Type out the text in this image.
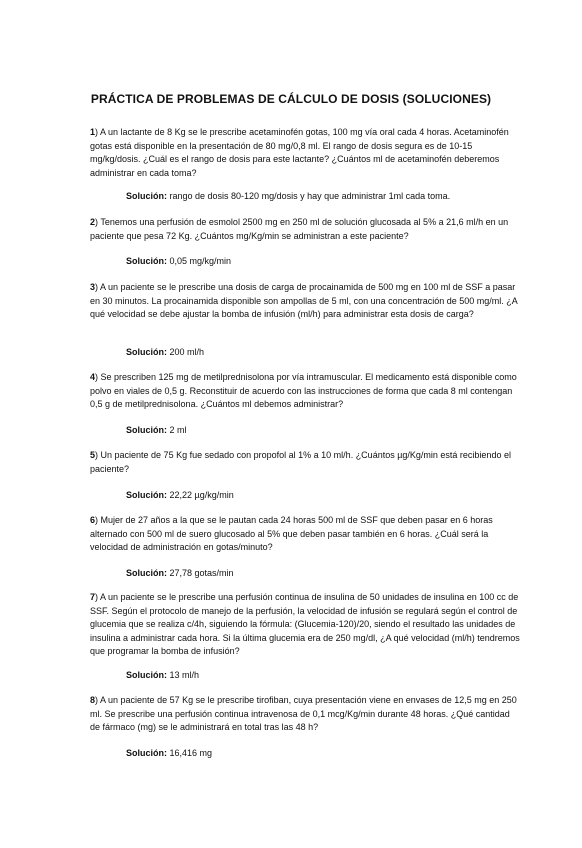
PRÁCTICA DE PROBLEMAS DE CÁLCULO DE DOSIS (SOLUCIONES)
1) A un lactante de 8 Kg se le prescribe acetaminofén gotas, 100 mg vía oral cada 4 horas. Acetaminofén gotas está disponible en la presentación de 80 mg/0,8 ml. El rango de dosis segura es de 10-15 mg/kg/dosis. ¿Cuál es el rango de dosis para este lactante? ¿Cuántos ml de acetaminofén deberemos administrar en cada toma?
Solución: rango de dosis 80-120 mg/dosis y hay que administrar 1ml cada toma.
2) Tenemos una perfusión de esmolol 2500 mg en 250 ml de solución glucosada al 5% a 21,6 ml/h en un paciente que pesa 72 Kg. ¿Cuántos mg/Kg/min se administran a este paciente?
Solución: 0,05 mg/kg/min
3) A un paciente se le prescribe una dosis de carga de procainamida de 500 mg en 100 ml de SSF a pasar en 30 minutos. La procainamida disponible son ampollas de 5 ml, con una concentración de 500 mg/ml. ¿A qué velocidad se debe ajustar la bomba de infusión (ml/h) para administrar esta dosis de carga?
Solución: 200 ml/h
4) Se prescriben 125 mg de metilprednisolona por vía intramuscular. El medicamento está disponible como polvo en viales de 0,5 g. Reconstituir de acuerdo con las instrucciones de forma que cada 8 ml contengan 0,5 g de metilprednisolona. ¿Cuántos ml debemos administrar?
Solución: 2 ml
5) Un paciente de 75 Kg fue sedado con propofol al 1% a 10 ml/h. ¿Cuántos µg/Kg/min está recibiendo el paciente?
Solución: 22,22 µg/kg/min
6) Mujer de 27 años a la que se le pautan cada 24 horas 500 ml de SSF que deben pasar en 6 horas alternado con 500 ml de suero glucosado al 5% que deben pasar también en 6 horas. ¿Cuál será la velocidad de administración en gotas/minuto?
Solución: 27,78 gotas/min
7) A un paciente se le prescribe una perfusión continua de insulina de 50 unidades de insulina en 100 cc de SSF. Según el protocolo de manejo de la perfusión, la velocidad de infusión se regulará según el control de glucemia que se realiza c/4h, siguiendo la fórmula: (Glucemia-120)/20, siendo el resultado las unidades de insulina a administrar cada hora. Si la última glucemia era de 250 mg/dl, ¿A qué velocidad (ml/h) tendremos que programar la bomba de infusión?
Solución: 13 ml/h
8) A un paciente de 57 Kg se le prescribe tirofiban, cuya presentación viene en envases de 12,5 mg en 250 ml. Se prescribe una perfusión continua intravenosa de 0,1 mcg/Kg/min durante 48 horas. ¿Qué cantidad de fármaco (mg) se le administrará en total tras las 48 h?
Solución: 16,416 mg
